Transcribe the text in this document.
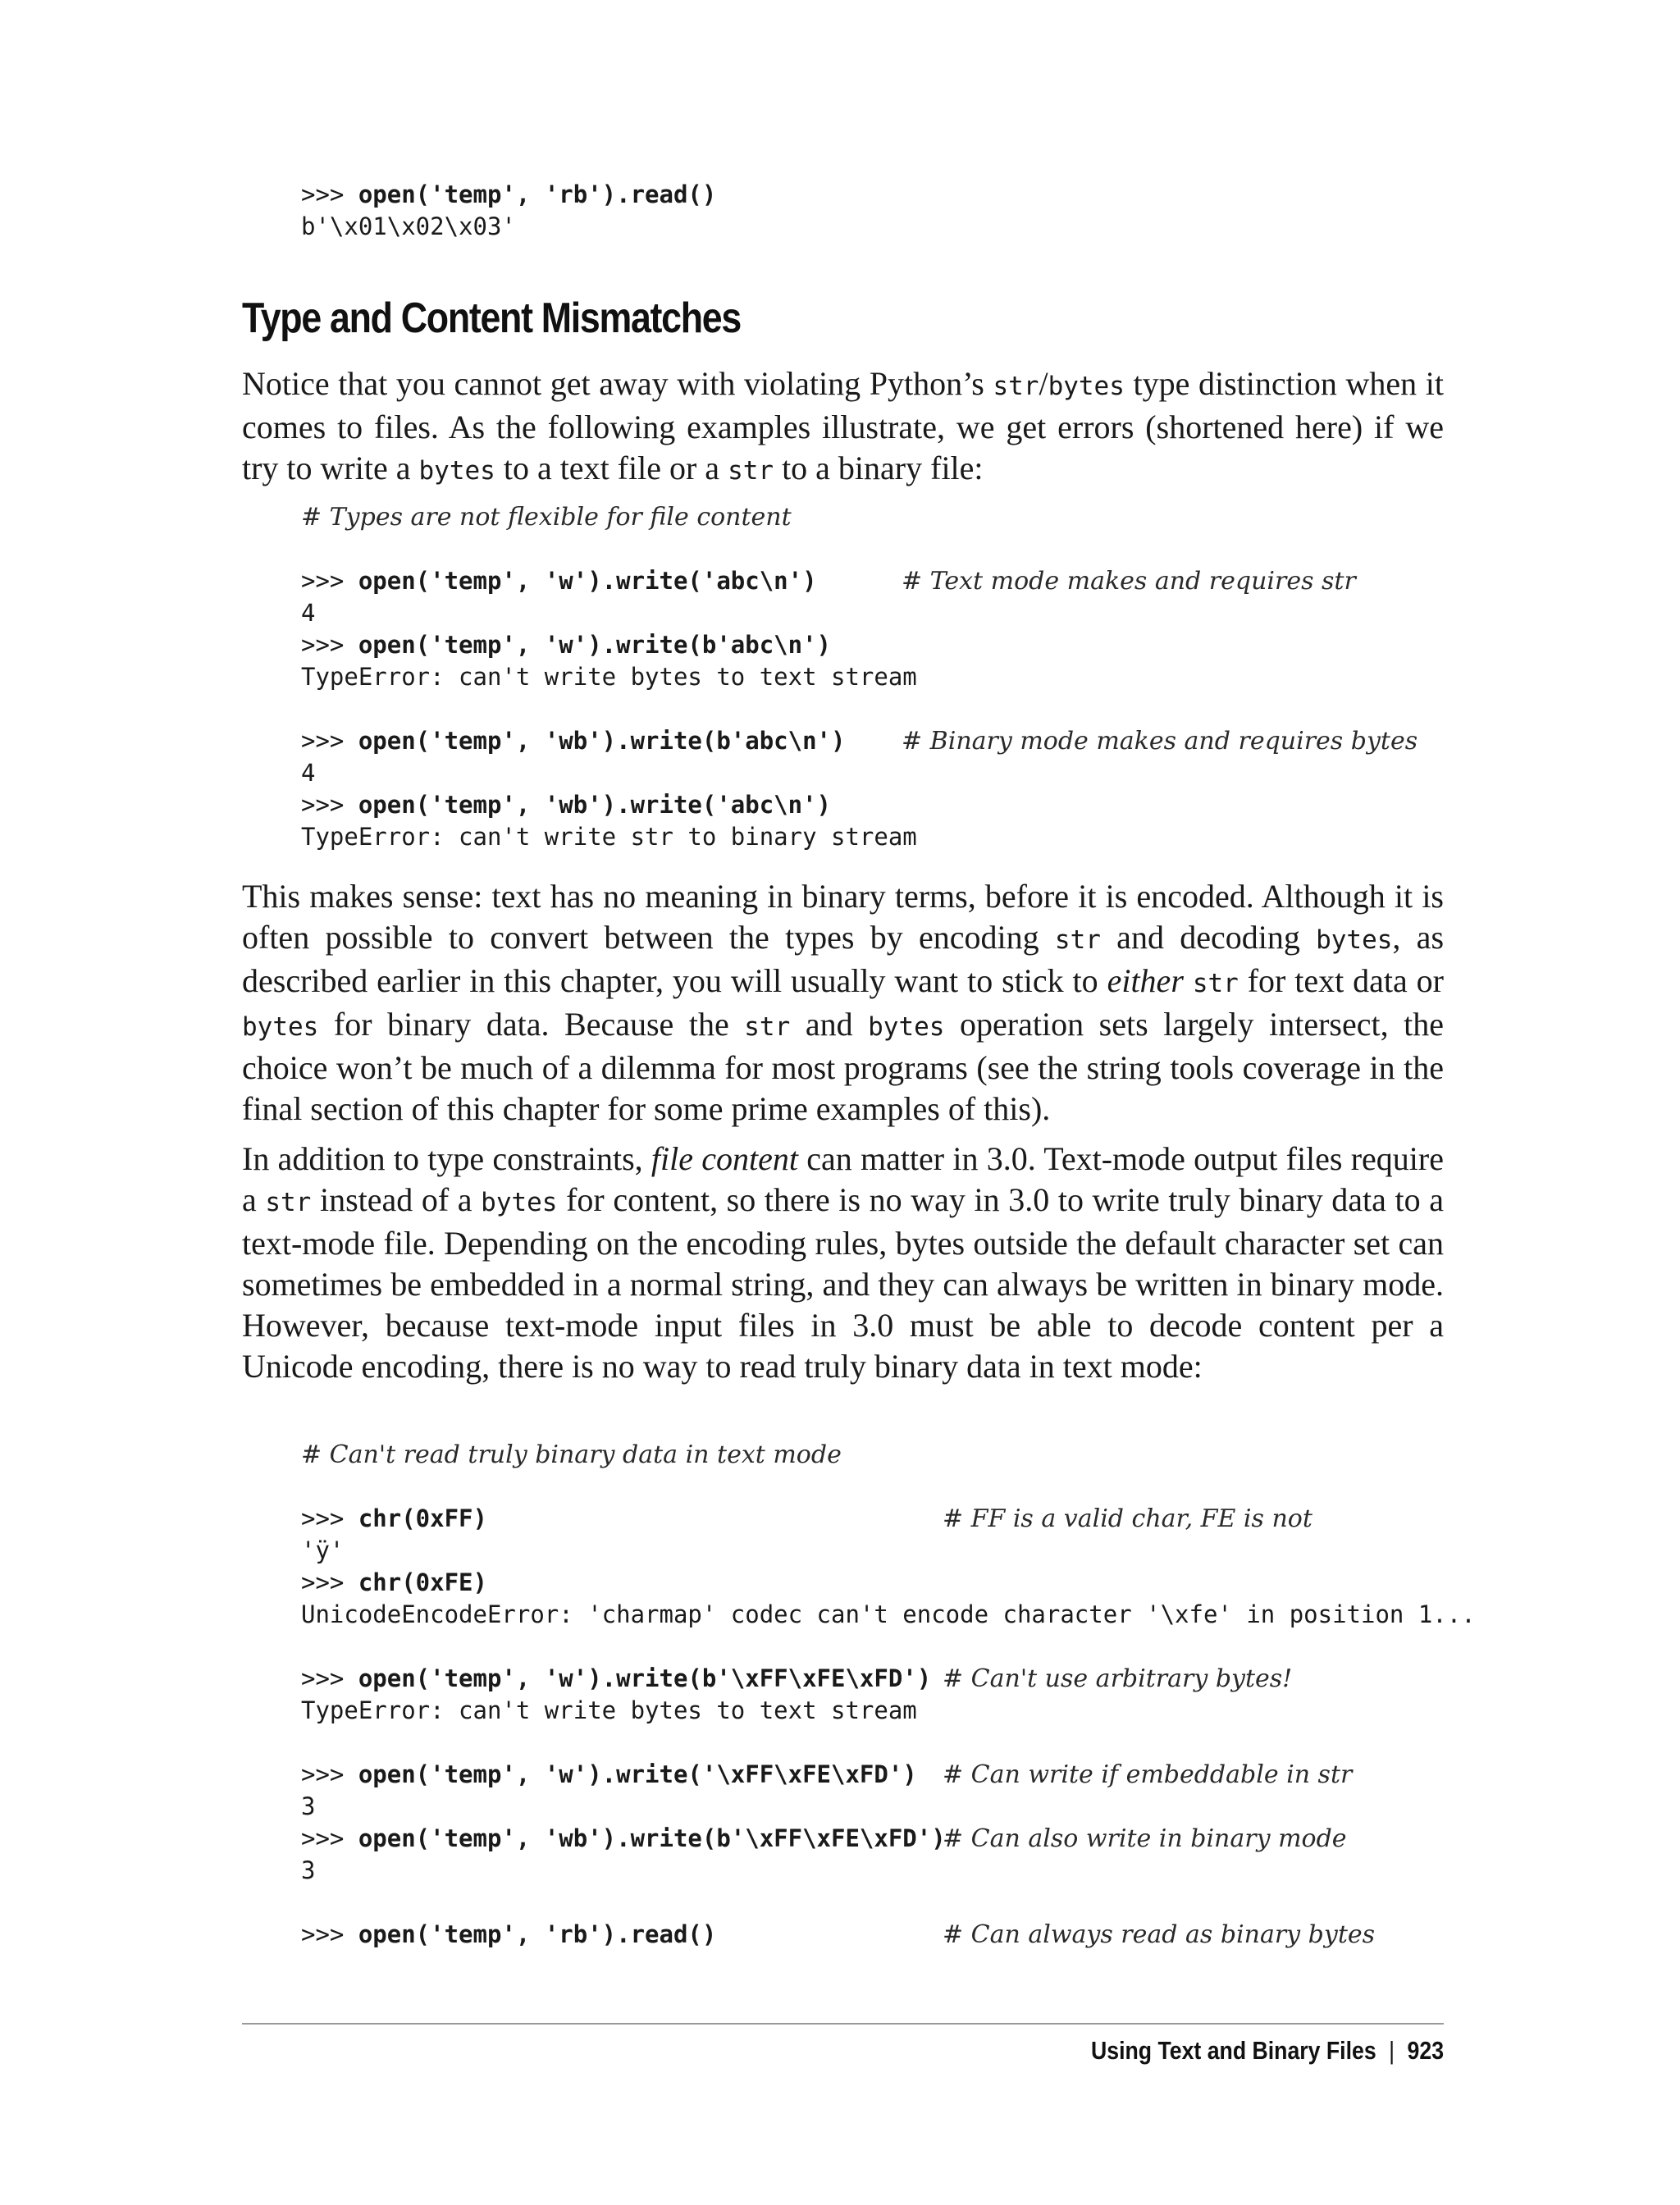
>>> open('temp', 'rb').read()
b'\x01\x02\x03'
Type and Content Mismatches

Notice that you cannot get away with violating Python’s str/bytes type distinction when it comes to files. As the following examples illustrate, we get errors (shortened here) if we try to write a bytes to a text file or a str to a binary file:

# Types are not flexible for file content
>>> open('temp', 'w').write('abc\n')	# Text mode makes and requires str
4
>>> open('temp', 'w').write(b'abc\n')
TypeError: can't write bytes to text stream
>>> open('temp', 'wb').write(b'abc\n')	# Binary mode makes and requires bytes
4
>>> open('temp', 'wb').write('abc\n')
TypeError: can't write str to binary stream

This makes sense: text has no meaning in binary terms, before it is encoded. Although it is often possible to convert between the types by encoding str and decoding bytes, as described earlier in this chapter, you will usually want to stick to either str for text data or bytes for binary data. Because the str and bytes operation sets largely intersect, the choice won’t be much of a dilemma for most programs (see the string tools coverage in the final section of this chapter for some prime examples of this).

In addition to type constraints, file content can matter in 3.0. Text-mode output files require a str instead of a bytes for content, so there is no way in 3.0 to write truly binary data to a text-mode file. Depending on the encoding rules, bytes outside the default character set can sometimes be embedded in a normal string, and they can always be written in binary mode. However, because text-mode input files in 3.0 must be able to decode content per a Unicode encoding, there is no way to read truly binary data in text mode:

# Can't read truly binary data in text mode
>>> chr(0xFF)	# FF is a valid char, FE is not
'ÿ'
>>> chr(0xFE)
UnicodeEncodeError: 'charmap' codec can't encode character '\xfe' in position 1...
>>> open('temp', 'w').write(b'\xFF\xFE\xFD') # Can't use arbitrary bytes!
TypeError: can't write bytes to text stream
>>> open('temp', 'w').write('\xFF\xFE\xFD')	# Can write if embeddable in str
3
>>> open('temp', 'wb').write(b'\xFF\xFE\xFD')
# Can also write in binary mode
3
>>> open('temp', 'rb').read()	# Can always read as binary bytes
Using Text and Binary Files | 923
